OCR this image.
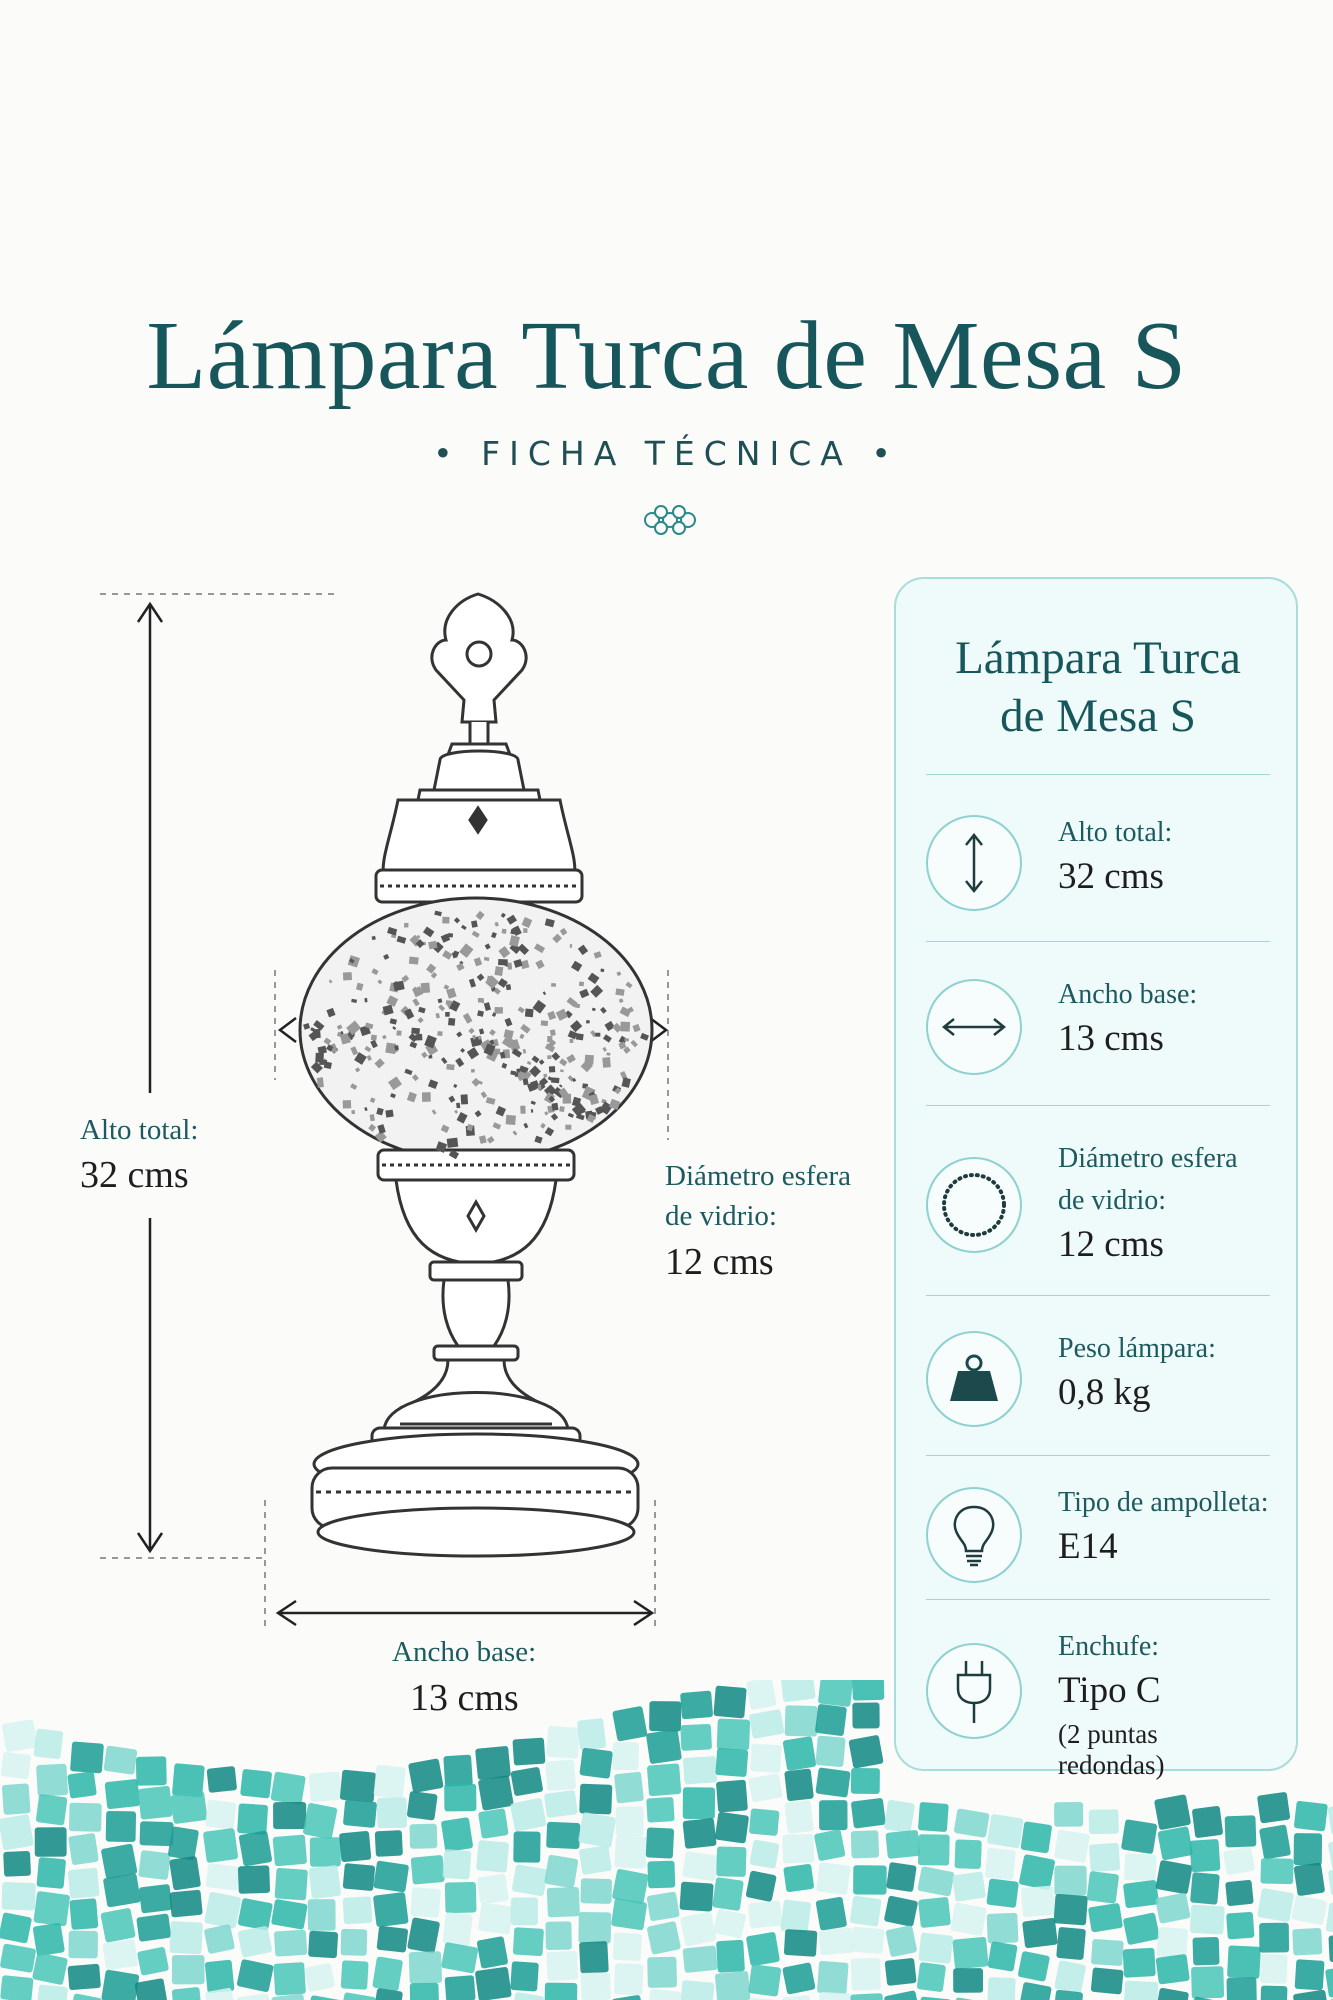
Lámpara Turca de Mesa S
• FICHA TÉCNICA •
Alto total:
32 cms	Diámetro esfera
de vidrio:
12 cms
Ancho base:
13 cms
Lámpara Turca
de Mesa S
Alto total:
32 cms
Ancho base:
13 cms
Diámetro esfera
de vidrio:
12 cms
Peso lámpara:
0,8 kg
Tipo de ampolleta:
E14
Enchufe:
Tipo C
(2 puntas redondas)
